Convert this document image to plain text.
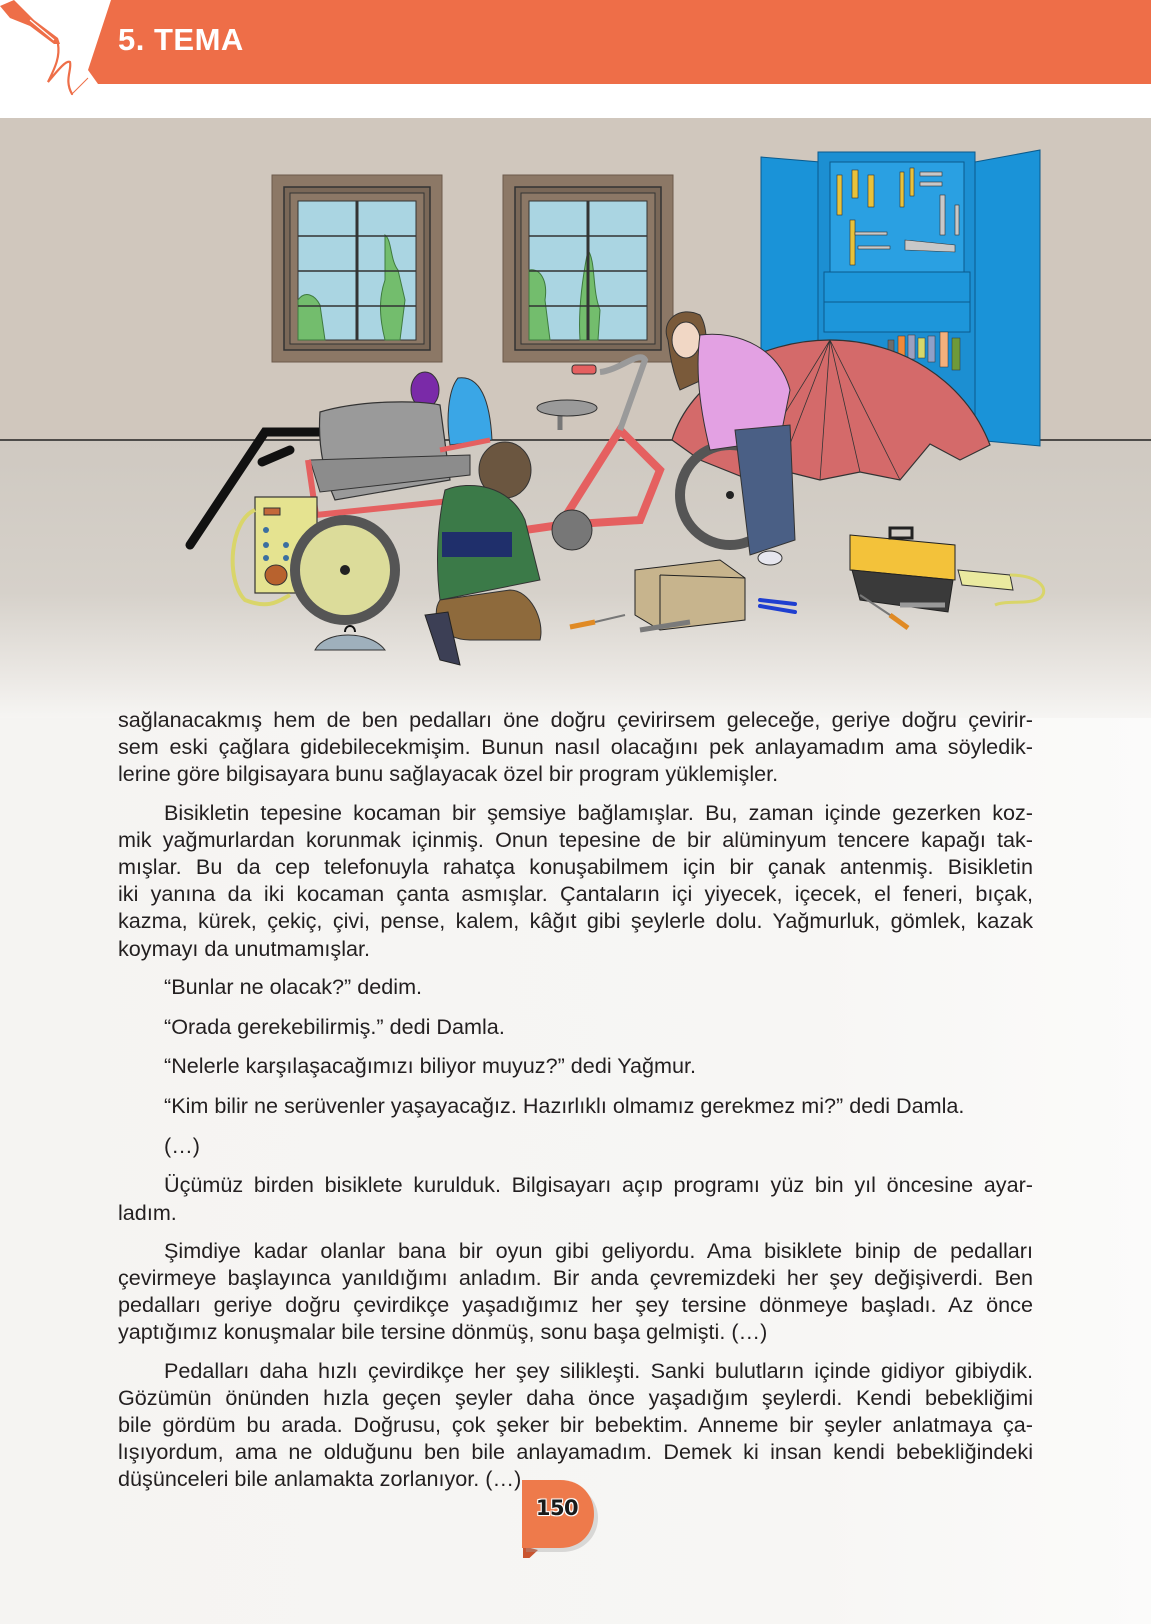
5. TEMA

sağlanacakmış hem de ben pedalları öne doğru çevirirsem geleceğe, geriye doğru çevirir-
sem eski çağlara gidebilecekmişim. Bunun nasıl olacağını pek anlayamadım ama söyledik-
lerine göre bilgisayara bunu sağlayacak özel bir program yüklemişler.

Bisikletin tepesine kocaman bir şemsiye bağlamışlar. Bu, zaman içinde gezerken koz-
mik yağmurlardan korunmak içinmiş. Onun tepesine de bir alüminyum tencere kapağı tak-
mışlar. Bu da cep telefonuyla rahatça konuşabilmem için bir çanak antenmiş. Bisikletin
iki yanına da iki kocaman çanta asmışlar. Çantaların içi yiyecek, içecek, el feneri, bıçak,
kazma, kürek, çekiç, çivi, pense, kalem, kâğıt gibi şeylerle dolu. Yağmurluk, gömlek, kazak
koymayı da unutmamışlar.

“Bunlar ne olacak?” dedim.

“Orada gerekebilirmiş.” dedi Damla.

“Nelerle karşılaşacağımızı biliyor muyuz?” dedi Yağmur.

“Kim bilir ne serüvenler yaşayacağız. Hazırlıklı olmamız gerekmez mi?” dedi Damla.

(…)

Üçümüz birden bisiklete kurulduk. Bilgisayarı açıp programı yüz bin yıl öncesine ayar-
ladım.

Şimdiye kadar olanlar bana bir oyun gibi geliyordu. Ama bisiklete binip de pedalları
çevirmeye başlayınca yanıldığımı anladım. Bir anda çevremizdeki her şey değişiverdi. Ben
pedalları geriye doğru çevirdikçe yaşadığımız her şey tersine dönmeye başladı. Az önce
yaptığımız konuşmalar bile tersine dönmüş, sonu başa gelmişti. (…)

Pedalları daha hızlı çevirdikçe her şey silikleşti. Sanki bulutların içinde gidiyor gibiydik.
Gözümün önünden hızla geçen şeyler daha önce yaşadığım şeylerdi. Kendi bebekliğimi
bile gördüm bu arada. Doğrusu, çok şeker bir bebektim. Anneme bir şeyler anlatmaya ça-
lışıyordum, ama ne olduğunu ben bile anlayamadım. Demek ki insan kendi bebekliğindeki
düşünceleri bile anlamakta zorlanıyor. (…)

150
